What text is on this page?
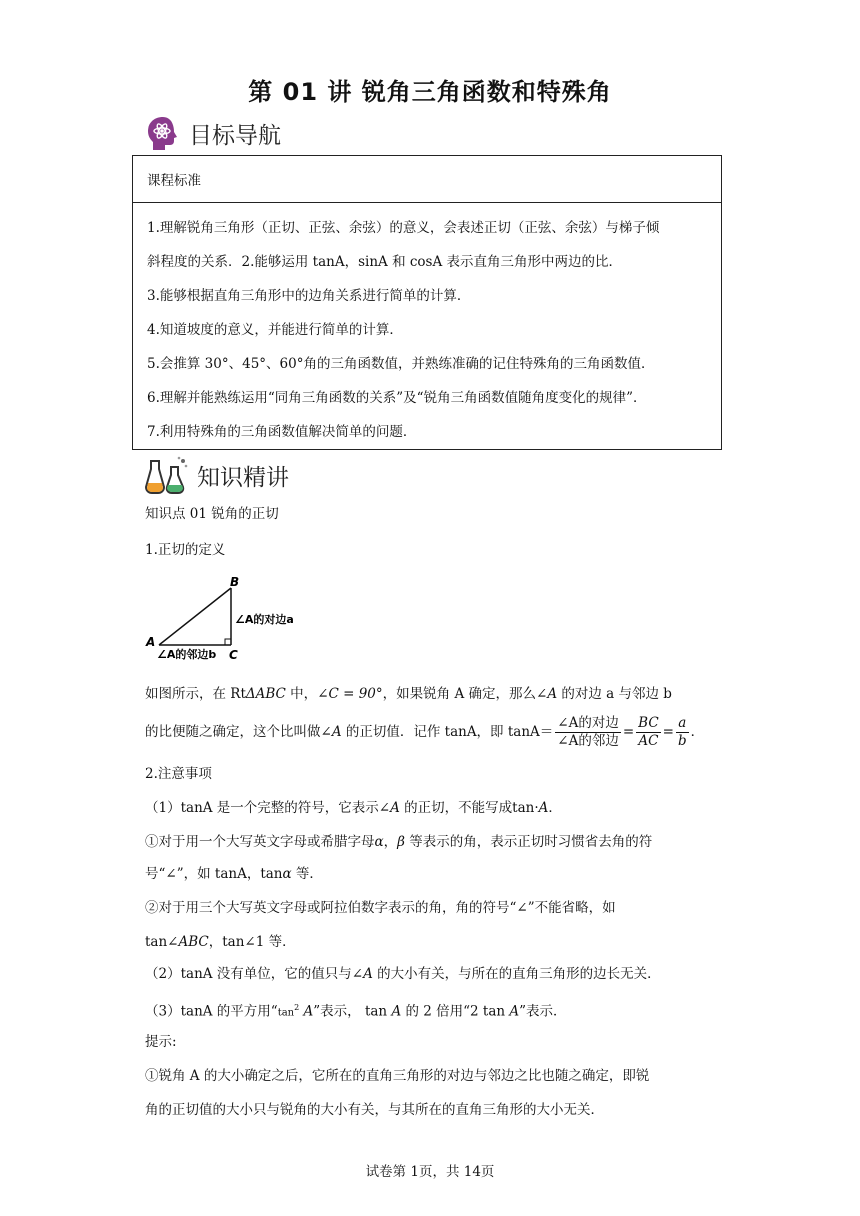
第 01 讲 锐角三角函数和特殊角
目标导航
课程标准
1.理解锐角三角形（正切、正弦、余弦）的意义，会表述正切（正弦、余弦）与梯子倾
斜程度的关系．2.能够运用 tanA，sinA 和 cosA 表示直角三角形中两边的比．
3.能够根据直角三角形中的边角关系进行简单的计算．
4.知道坡度的意义，并能进行简单的计算．
5.会推算 30°、45°、60°角的三角函数值，并熟练准确的记住特殊角的三角函数值．
6.理解并能熟练运用“同角三角函数的关系”及“锐角三角函数值随角度变化的规律”．
7.利用特殊角的三角函数值解决简单的问题．
知识精讲
知识点 01 锐角的正切
1.正切的定义
B
A
C
∠A的对边a
∠A的邻边b
如图所示，在 RtΔABC 中，∠C = 90°，如果锐角 A 确定，那么∠A 的对边 a 与邻边 b
的比便随之确定，这个比叫做∠A 的正切值．记作 tanA，即 $\tan A= \frac{\text{∠A的对边}}{\text{∠A的邻边}} = \frac{BC}{AC} = \frac{a}{b}$ ．
2.注意事项
（1）tanA 是一个完整的符号，它表示∠A 的正切，不能写成tan·A．
①对于用一个大写英文字母或希腊字母α，β 等表示的角，表示正切时习惯省去角的符
号“∠”，如 tanA，tanα 等．
②对于用三个大写英文字母或阿拉伯数字表示的角，角的符号“∠”不能省略，如
tan∠ABC，tan∠1 等．
（2）tanA 没有单位，它的值只与∠A 的大小有关，与所在的直角三角形的边长无关．
（3）tanA 的平方用“$\tan^2$ A”表示， tan A 的 2 倍用“2 tan A”表示．
提示:
①锐角 A 的大小确定之后，它所在的直角三角形的对边与邻边之比也随之确定，即锐
角的正切值的大小只与锐角的大小有关，与其所在的直角三角形的大小无关．
试卷第 1页，共 14页
